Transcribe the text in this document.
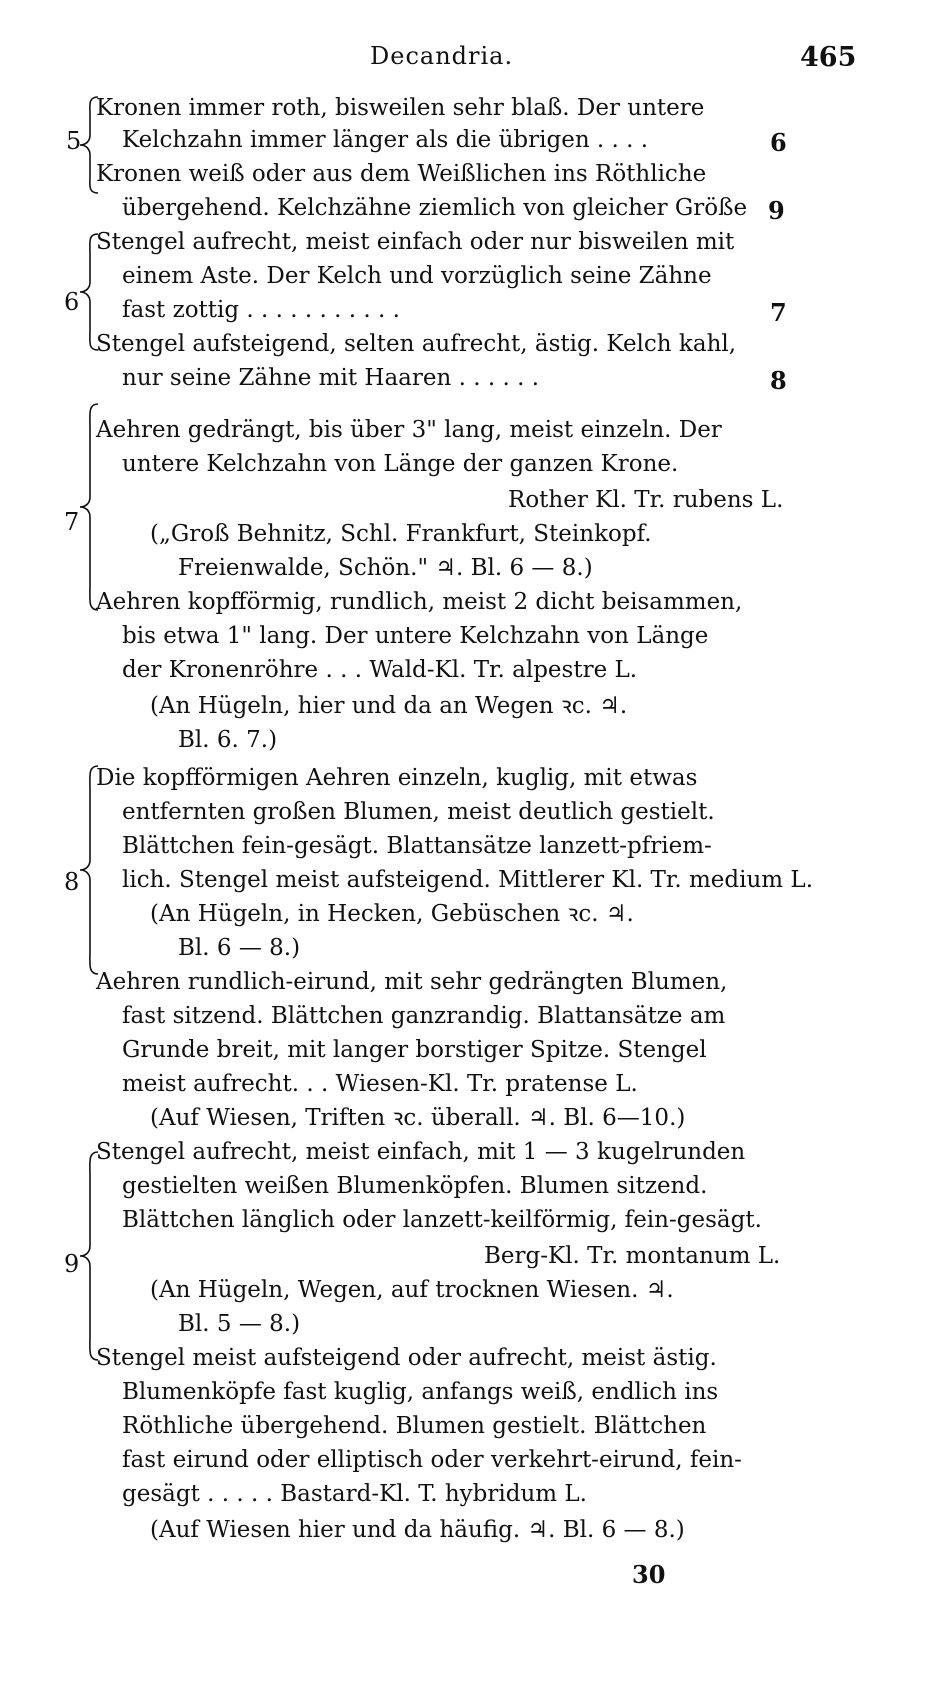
Decandria.	465
5
Kronen immer roth, bisweilen sehr blaß. Der untere
Kelchzahn immer länger als die übrigen . . . .	6
Kronen weiß oder aus dem Weißlichen ins Röthliche
übergehend. Kelchzähne ziemlich von gleicher Größe 9
6
Stengel aufrecht, meist einfach oder nur bisweilen mit
einem Aste. Der Kelch und vorzüglich seine Zähne
fast zottig . . . . . . . . . . .	7
Stengel aufsteigend, selten aufrecht, ästig. Kelch kahl,
nur seine Zähne mit Haaren . . . . . .	8
7
Aehren gedrängt, bis über 3" lang, meist einzeln. Der
untere Kelchzahn von Länge der ganzen Krone.
Rother Kl. Tr. rubens L.
(„Groß Behnitz, Schl. Frankfurt, Steinkopf.
Freienwalde, Schön." ♃. Bl. 6 — 8.)
Aehren kopfförmig, rundlich, meist 2 dicht beisammen,
bis etwa 1" lang. Der untere Kelchzahn von Länge
der Kronenröhre . . . Wald-Kl. Tr. alpestre L.
(An Hügeln, hier und da an Wegen ꝛc. ♃.
Bl. 6. 7.)
8
Die kopfförmigen Aehren einzeln, kuglig, mit etwas
entfernten großen Blumen, meist deutlich gestielt.
Blättchen fein-gesägt. Blattansätze lanzett-pfriem-
lich. Stengel meist aufsteigend. Mittlerer Kl. Tr. medium L.
(An Hügeln, in Hecken, Gebüschen ꝛc. ♃.
Bl. 6 — 8.)
Aehren rundlich-eirund, mit sehr gedrängten Blumen,
fast sitzend. Blättchen ganzrandig. Blattansätze am
Grunde breit, mit langer borstiger Spitze. Stengel
meist aufrecht. . . Wiesen-Kl. Tr. pratense L.
(Auf Wiesen, Triften ꝛc. überall. ♃. Bl. 6—10.)
9
Stengel aufrecht, meist einfach, mit 1 — 3 kugelrunden
gestielten weißen Blumenköpfen. Blumen sitzend.
Blättchen länglich oder lanzett-keilförmig, fein-gesägt.
Berg-Kl. Tr. montanum L.
(An Hügeln, Wegen, auf trocknen Wiesen. ♃.
Bl. 5 — 8.)
Stengel meist aufsteigend oder aufrecht, meist ästig.
Blumenköpfe fast kuglig, anfangs weiß, endlich ins
Röthliche übergehend. Blumen gestielt. Blättchen
fast eirund oder elliptisch oder verkehrt-eirund, fein-
gesägt . . . . . Bastard-Kl. T. hybridum L.
(Auf Wiesen hier und da häufig. ♃. Bl. 6 — 8.)
30
